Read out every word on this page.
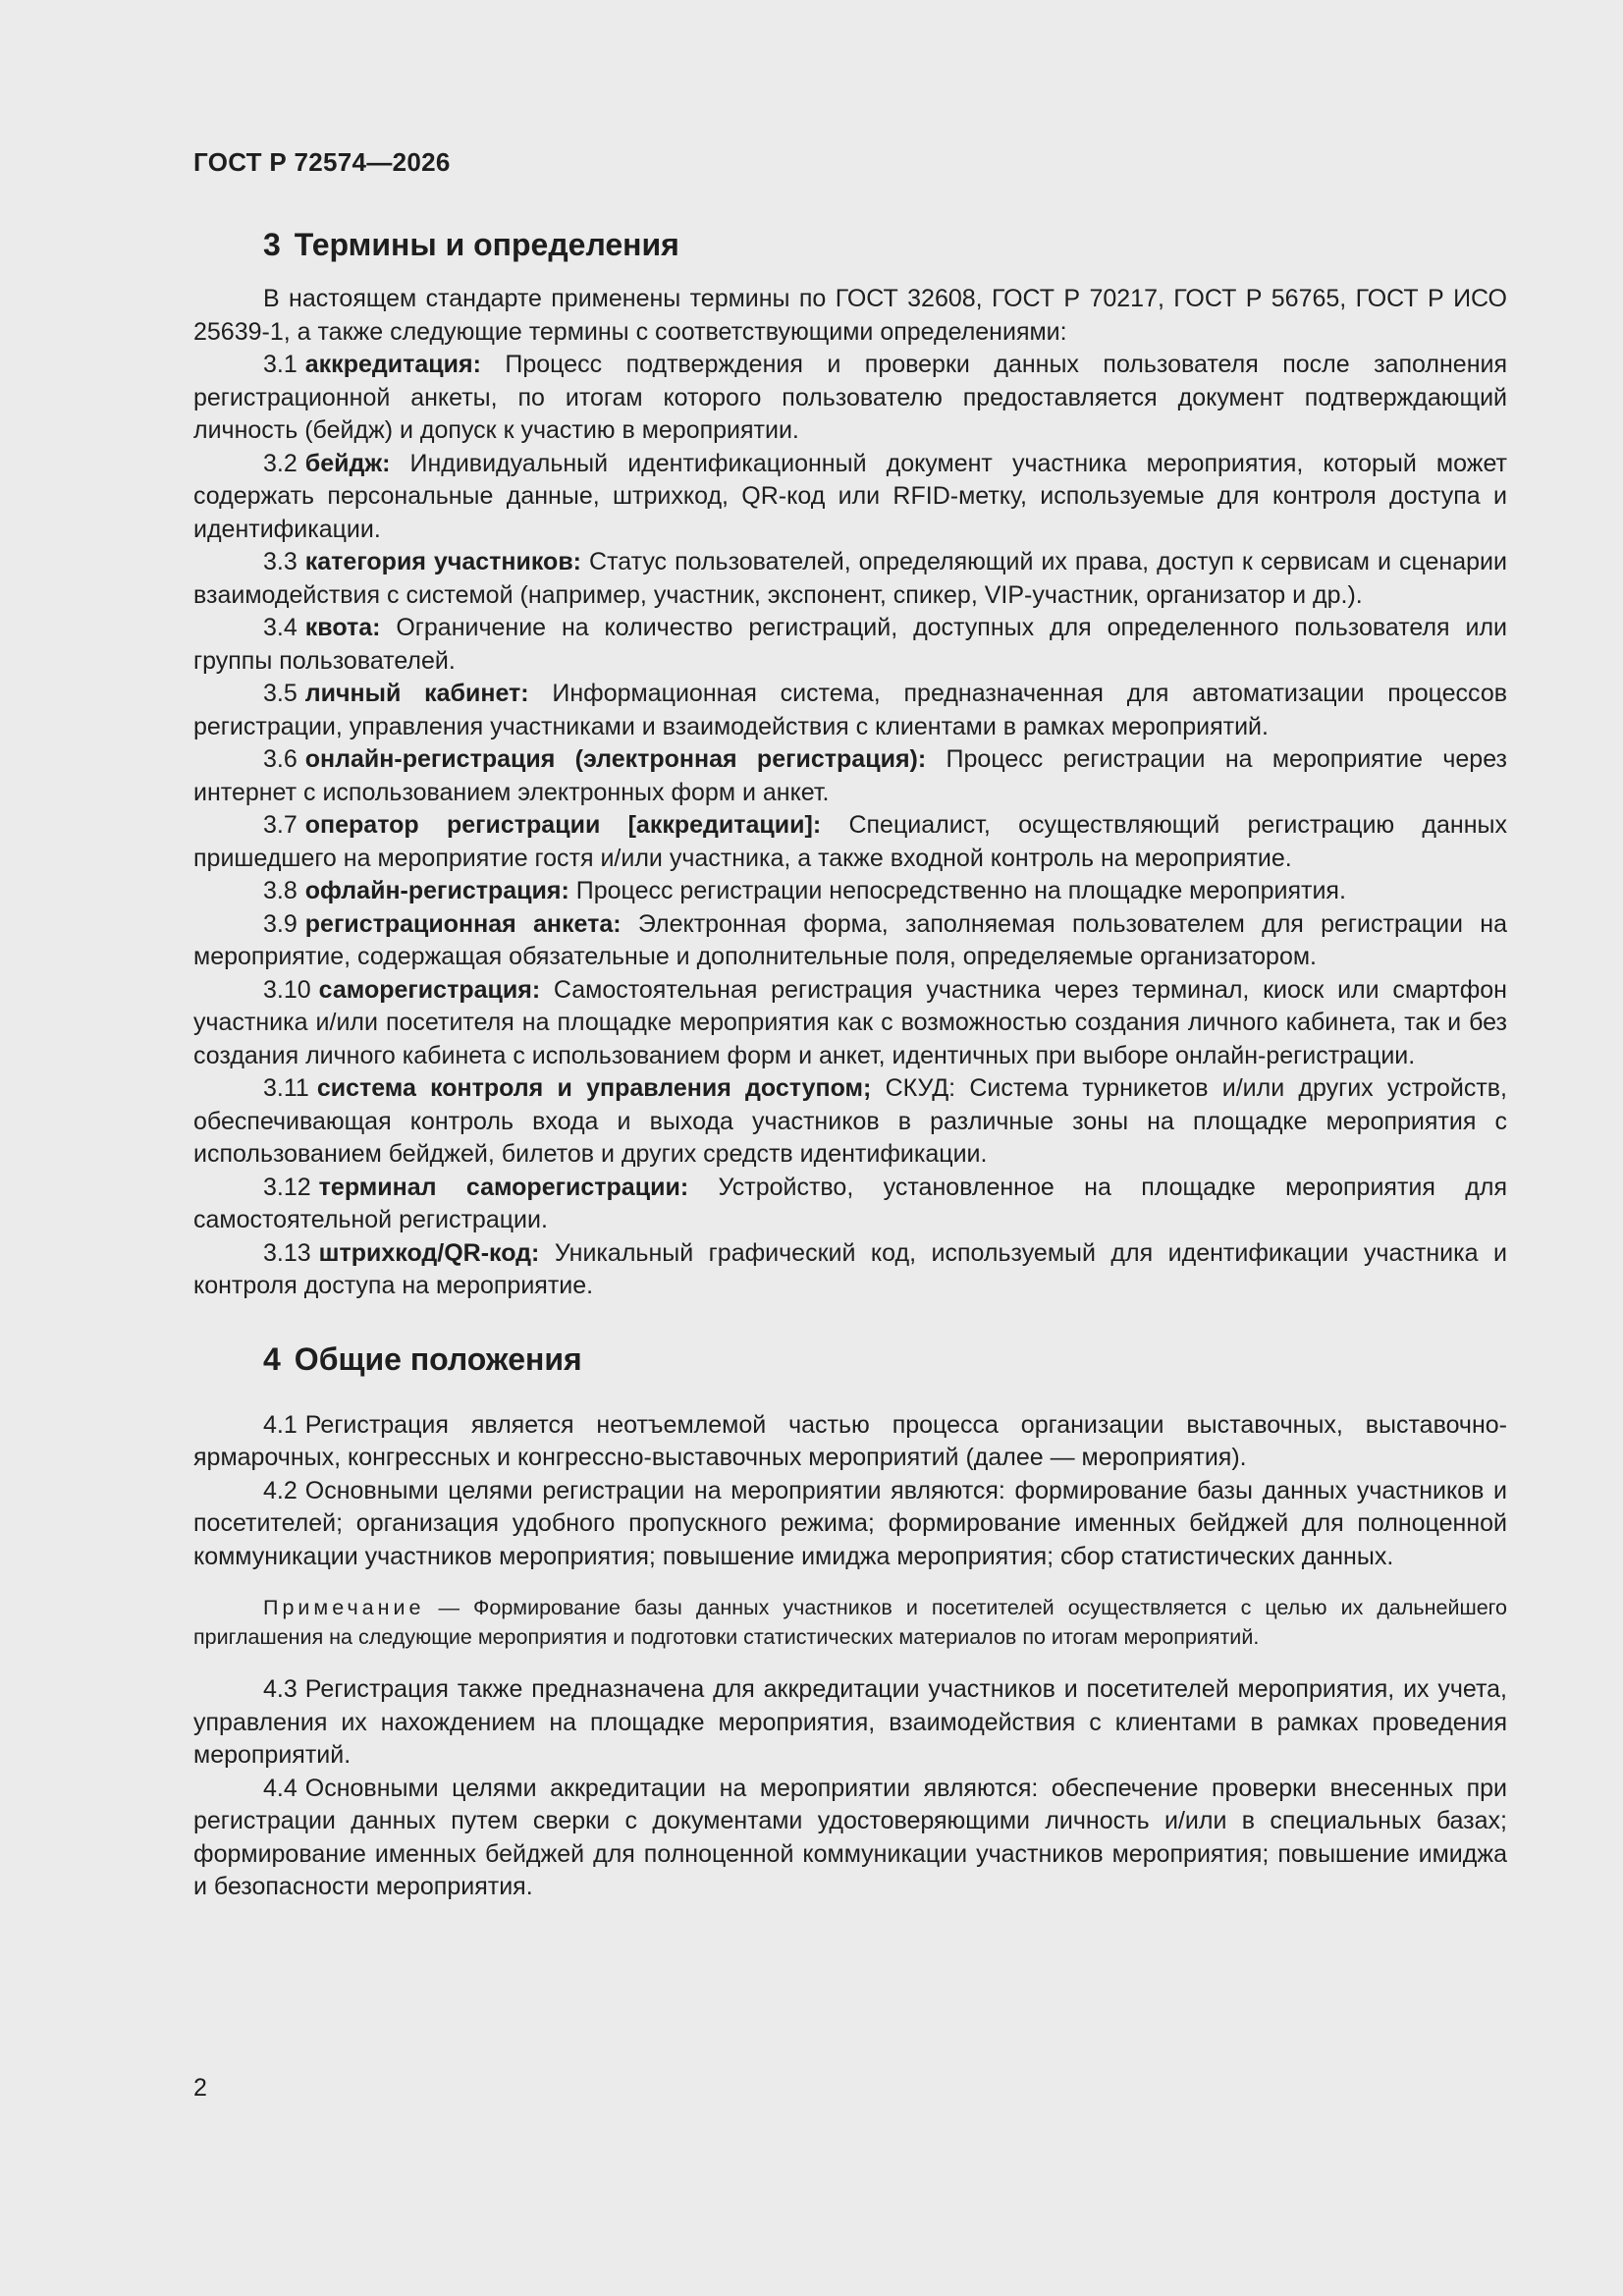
ГОСТ Р 72574—2026
3 Термины и определения

В настоящем стандарте применены термины по ГОСТ 32608, ГОСТ Р 70217, ГОСТ Р 56765, ГОСТ Р ИСО 25639-1, а также следующие термины с соответствующими определениями:

3.1 аккредитация: Процесс подтверждения и проверки данных пользователя после заполнения регистрационной анкеты, по итогам которого пользователю предоставляется документ подтверждающий личность (бейдж) и допуск к участию в мероприятии.

3.2 бейдж: Индивидуальный идентификационный документ участника мероприятия, который может содержать персональные данные, штрихкод, QR-код или RFID-метку, используемые для контроля доступа и идентификации.

3.3 категория участников: Статус пользователей, определяющий их права, доступ к сервисам и сценарии взаимодействия с системой (например, участник, экспонент, спикер, VIP-участник, организатор и др.).

3.4 квота: Ограничение на количество регистраций, доступных для определенного пользователя или группы пользователей.

3.5 личный кабинет: Информационная система, предназначенная для автоматизации процессов регистрации, управления участниками и взаимодействия с клиентами в рамках мероприятий.

3.6 онлайн-регистрация (электронная регистрация): Процесс регистрации на мероприятие через интернет с использованием электронных форм и анкет.

3.7 оператор регистрации [аккредитации]: Специалист, осуществляющий регистрацию данных пришедшего на мероприятие гостя и/или участника, а также входной контроль на мероприятие.

3.8 офлайн-регистрация: Процесс регистрации непосредственно на площадке мероприятия.

3.9 регистрационная анкета: Электронная форма, заполняемая пользователем для регистрации на мероприятие, содержащая обязательные и дополнительные поля, определяемые организатором.

3.10 саморегистрация: Самостоятельная регистрация участника через терминал, киоск или смартфон участника и/или посетителя на площадке мероприятия как с возможностью создания личного кабинета, так и без создания личного кабинета с использованием форм и анкет, идентичных при выборе онлайн-регистрации.

3.11 система контроля и управления доступом; СКУД: Система турникетов и/или других устройств, обеспечивающая контроль входа и выхода участников в различные зоны на площадке мероприятия с использованием бейджей, билетов и других средств идентификации.

3.12 терминал саморегистрации: Устройство, установленное на площадке мероприятия для самостоятельной регистрации.

3.13 штрихкод/QR-код: Уникальный графический код, используемый для идентификации участника и контроля доступа на мероприятие.

4 Общие положения

4.1 Регистрация является неотъемлемой частью процесса организации выставочных, выставочно-ярмарочных, конгрессных и конгрессно-выставочных мероприятий (далее — мероприятия).

4.2 Основными целями регистрации на мероприятии являются: формирование базы данных участников и посетителей; организация удобного пропускного режима; формирование именных бейджей для полноценной коммуникации участников мероприятия; повышение имиджа мероприятия; сбор статистических данных.

Примечание — Формирование базы данных участников и посетителей осуществляется с целью их дальнейшего приглашения на следующие мероприятия и подготовки статистических материалов по итогам мероприятий.

4.3 Регистрация также предназначена для аккредитации участников и посетителей мероприятия, их учета, управления их нахождением на площадке мероприятия, взаимодействия с клиентами в рамках проведения мероприятий.

4.4 Основными целями аккредитации на мероприятии являются: обеспечение проверки внесенных при регистрации данных путем сверки с документами удостоверяющими личность и/или в специальных базах; формирование именных бейджей для полноценной коммуникации участников мероприятия; повышение имиджа и безопасности мероприятия.

2
